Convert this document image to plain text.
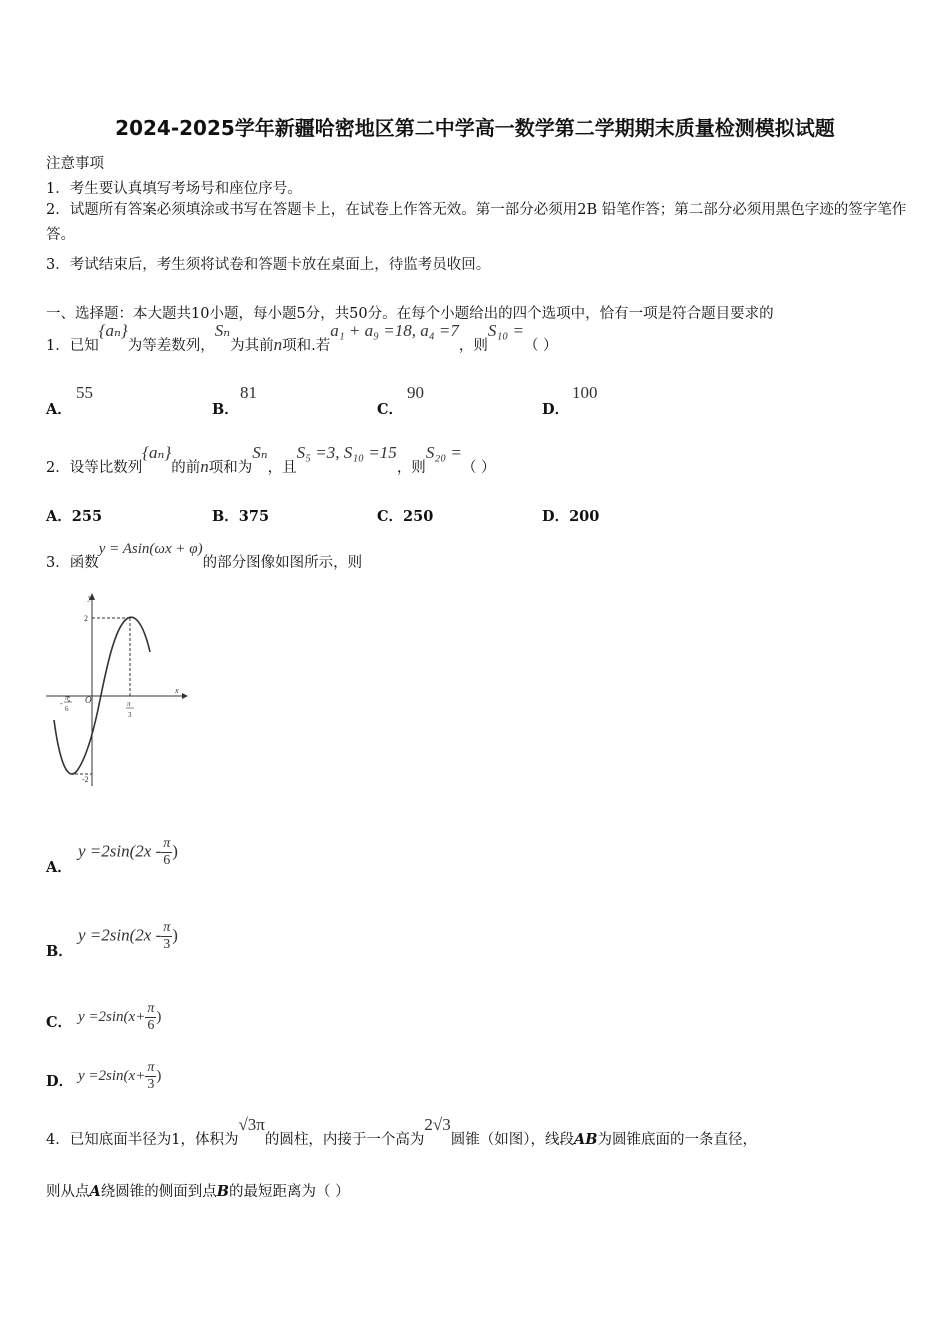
2024-2025学年新疆哈密地区第二中学高一数学第二学期期末质量检测模拟试题
注意事项
1．考生要认真填写考场号和座位序号。
2．试题所有答案必须填涂或书写在答题卡上，在试卷上作答无效。第一部分必须用2B 铅笔作答；第二部分必须用黑色字迹的签字笔作答。
3．考试结束后，考生须将试卷和答题卡放在桌面上，待监考员收回。
一、选择题：本大题共10小题，每小题5分，共50分。在每个小题给出的四个选项中，恰有一项是符合题目要求的
1．已知{aₙ}为等差数列，Sₙ为其前n项和.若a₁ + a₉ =18, a₄ =7，则S₁₀ =（ ）
A．
55
B．
81
C．
90
D．
100
2．设等比数列{aₙ}的前n项和为Sₙ，且S₅ =3, S₁₀ =15，则S₂₀ =（ ）
A．255	B．375	C．250	D．200
3．函数y = Asin(ωx + φ)的部分图像如图所示，则
y
x
O
2
-2
-
π
6
π
3
A．
$y =2\sin(2x - \frac{\pi}{6}$ )
B．
$y =2\sin(2x - \frac{\pi}{3}$ )
C． $y =2\sin(x+ \frac{\pi}{6}$ )
D． $y =2\sin(x+ \frac{\pi}{3}$ )
4．已知底面半径为1，体积为√3π的圆柱，内接于一个高为2√3圆锥（如图），线段AB为圆锥底面的一条直径，
则从点A绕圆锥的侧面到点B的最短距离为（ ）
